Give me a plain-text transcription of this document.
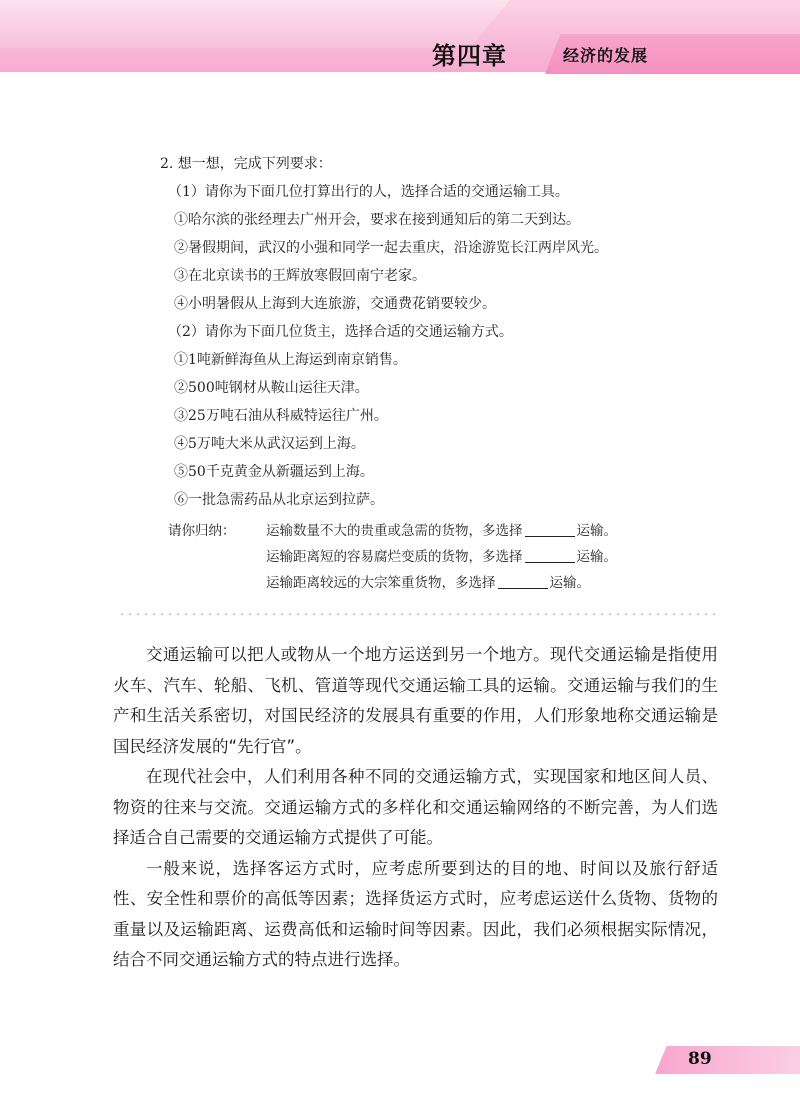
第四章	经济的发展
2. 想一想，完成下列要求：
（1）请你为下面几位打算出行的人，选择合适的交通运输工具。
①哈尔滨的张经理去广州开会，要求在接到通知后的第二天到达。
②暑假期间，武汉的小强和同学一起去重庆，沿途游览长江两岸风光。
③在北京读书的王辉放寒假回南宁老家。
④小明暑假从上海到大连旅游，交通费花销要较少。
（2）请你为下面几位货主，选择合适的交通运输方式。
①1吨新鲜海鱼从上海运到南京销售。
②500吨钢材从鞍山运往天津。
③25万吨石油从科威特运往广州。
④5万吨大米从武汉运到上海。
⑤50千克黄金从新疆运到上海。
⑥一批急需药品从北京运到拉萨。
请你归纳： 运输数量不大的贵重或急需的货物，多选择	运输。
运输距离短的容易腐烂变质的货物，多选择	运输。
运输距离较远的大宗笨重货物，多选择	运输。

交通运输可以把人或物从一个地方运送到另一个地方。现代交通运输是指使用火车、汽车、轮船、飞机、管道等现代交通运输工具的运输。交通运输与我们的生产和生活关系密切，对国民经济的发展具有重要的作用，人们形象地称交通运输是国民经济发展的“先行官”。

在现代社会中，人们利用各种不同的交通运输方式，实现国家和地区间人员、物资的往来与交流。交通运输方式的多样化和交通运输网络的不断完善，为人们选择适合自己需要的交通运输方式提供了可能。

一般来说，选择客运方式时，应考虑所要到达的目的地、时间以及旅行舒适性、安全性和票价的高低等因素；选择货运方式时，应考虑运送什么货物、货物的重量以及运输距离、运费高低和运输时间等因素。因此，我们必须根据实际情况，结合不同交通运输方式的特点进行选择。

89
